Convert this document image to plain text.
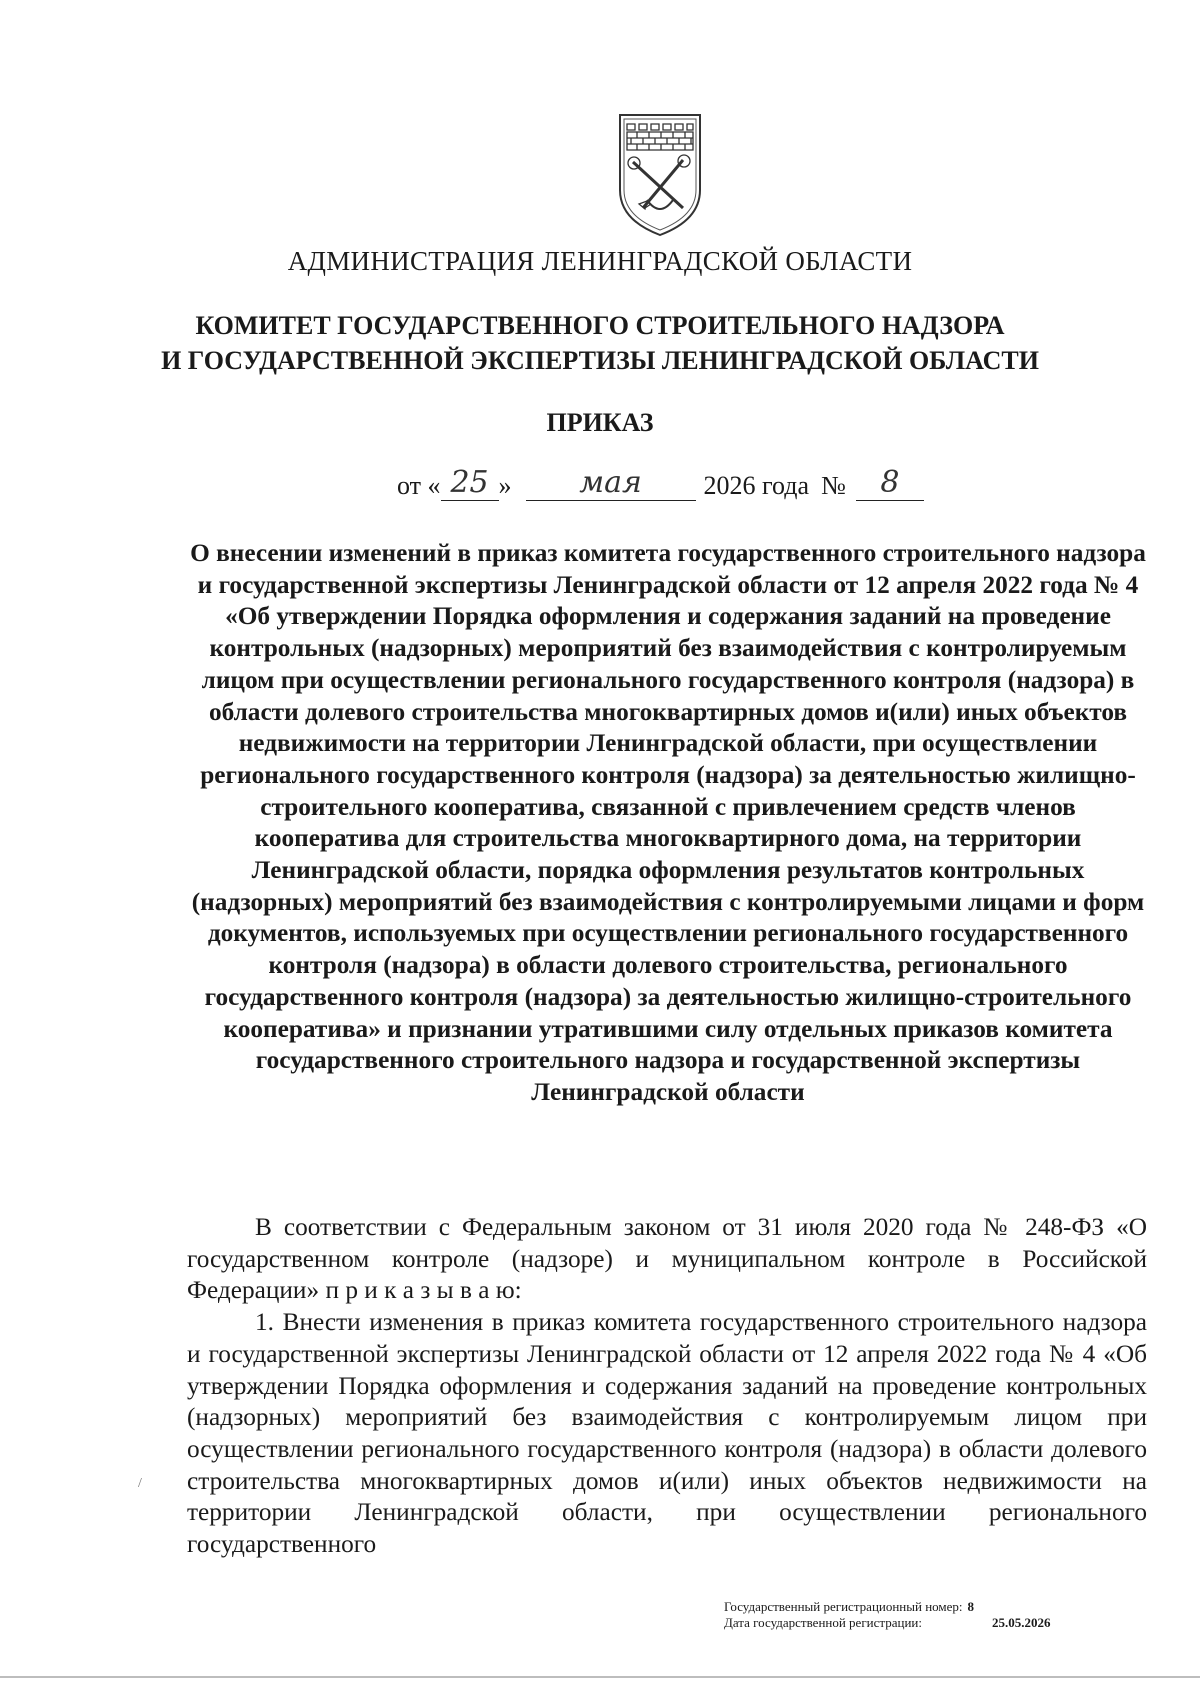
АДМИНИСТРАЦИЯ ЛЕНИНГРАДСКОЙ ОБЛАСТИ
КОМИТЕТ ГОСУДАРСТВЕННОГО СТРОИТЕЛЬНОГО НАДЗОРА
И ГОСУДАРСТВЕННОЙ ЭКСПЕРТИЗЫ ЛЕНИНГРАДСКОЙ ОБЛАСТИ
ПРИКАЗ
от « 25 »	мая	2026 года №	8
О внесении изменений в приказ комитета государственного строительного надзора и государственной экспертизы Ленинградской области от 12 апреля 2022 года № 4 «Об утверждении Порядка оформления и содержания заданий на проведение контрольных (надзорных) мероприятий без взаимодействия с контролируемым лицом при осуществлении регионального государственного контроля (надзора) в области долевого строительства многоквартирных домов и(или) иных объектов недвижимости на территории Ленинградской области, при осуществлении регионального государственного контроля (надзора) за деятельностью жилищно-строительного кооператива, связанной с привлечением средств членов кооператива для строительства многоквартирного дома, на территории Ленинградской области, порядка оформления результатов контрольных (надзорных) мероприятий без взаимодействия с контролируемыми лицами и форм документов, используемых при осуществлении регионального государственного контроля (надзора) в области долевого строительства, регионального государственного контроля (надзора) за деятельностью жилищно-строительного кооператива» и признании утратившими силу отдельных приказов комитета государственного строительного надзора и государственной экспертизы Ленинградской области

В соответствии с Федеральным законом от 31 июля 2020 года № 248-ФЗ «О государственном контроле (надзоре) и муниципальном контроле в Российской Федерации» п р и к а з ы в а ю:

1. Внести изменения в приказ комитета государственного строительного надзора и государственной экспертизы Ленинградской области от 12 апреля 2022 года № 4 «Об утверждении Порядка оформления и содержания заданий на проведение контрольных (надзорных) мероприятий без взаимодействия с контролируемым лицом при осуществлении регионального государственного контроля (надзора) в области долевого строительства многоквартирных домов и(или) иных объектов недвижимости на территории Ленинградской области, при осуществлении регионального государственного

Государственный регистрационный номер: 8
Дата государственной регистрации:	25.05.2026
/
